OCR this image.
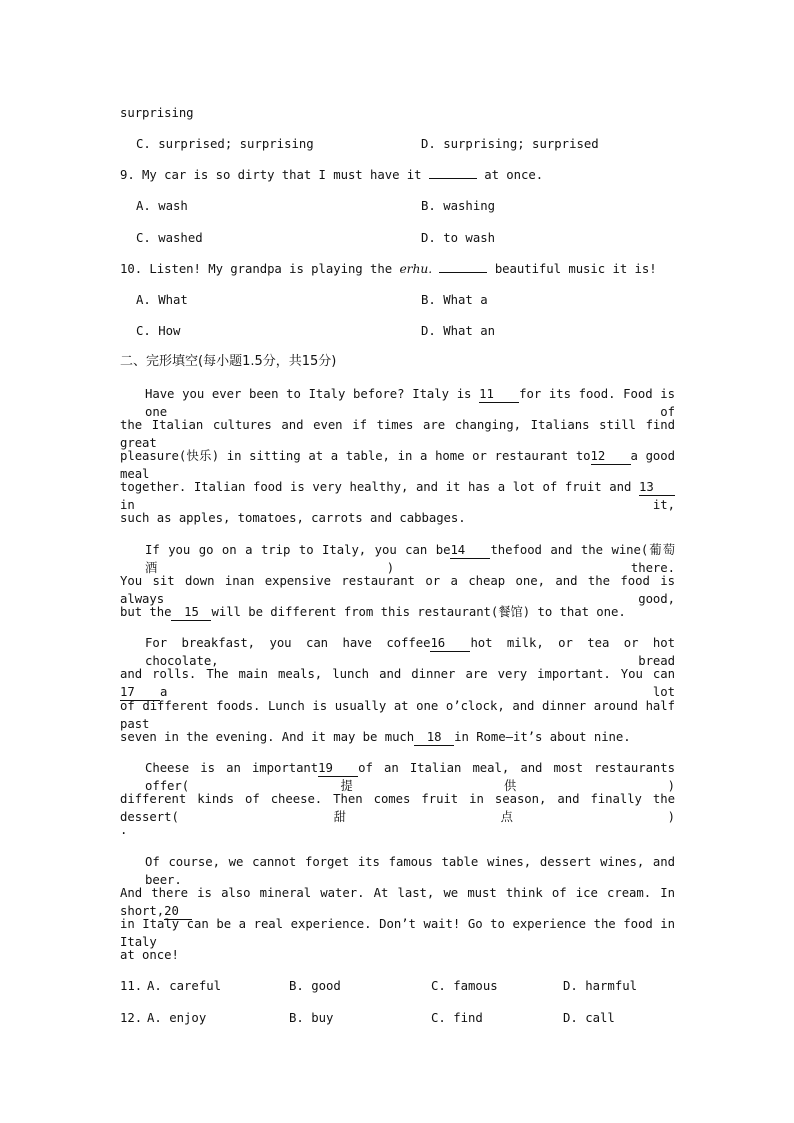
surprising
C. surprised; surprising	D. surprising; surprised
9. My car is so dirty that I must have it	at once.
A. wash	B. washing
C. washed	D. to wash
10. Listen! My grandpa is playing the erhu.	beautiful music it is!
A. What	B. What a
C. How	D. What an
二、完形填空(每小题1.5分，共15分)
Have you ever been to Italy before? Italy is 11 for its food. Food is one of
the Italian cultures and even if times are changing, Italians still find great
pleasure(快乐) in sitting at a table, in a home or restaurant to12 a good meal
together. Italian food is very healthy, and it has a lot of fruit and 13in it,
such as apples, tomatoes, carrots and cabbages.
If you go on a trip to Italy, you can be14 thefood and the wine(葡萄酒) there.
You sit down inan expensive restaurant or a cheap one, and the food is always good,
but the 15 will be different from this restaurant(餐馆) to that one.
For breakfast, you can have coffee16 hot milk, or tea or hot chocolate, bread
and rolls. The main meals, lunch and dinner are very important. You can17 a lot
of different foods. Lunch is usually at one o’clock, and dinner around half past
seven in the evening. And it may be much 18 in Rome—it’s about nine.
Cheese is an important19 of an Italian meal, and most restaurants offer(提供)
different kinds of cheese. Then comes fruit in season, and finally the dessert(甜点)
.
Of course, we cannot forget its famous table wines, dessert wines, and beer.
And there is also mineral water. At last, we must think of ice cream. In short,20
in Italy can be a real experience. Don’t wait! Go to experience the food in Italy
at once!
11. A. careful	B. good	C. famous	D. harmful
12. A. enjoy	B. buy	C. find	D. call
